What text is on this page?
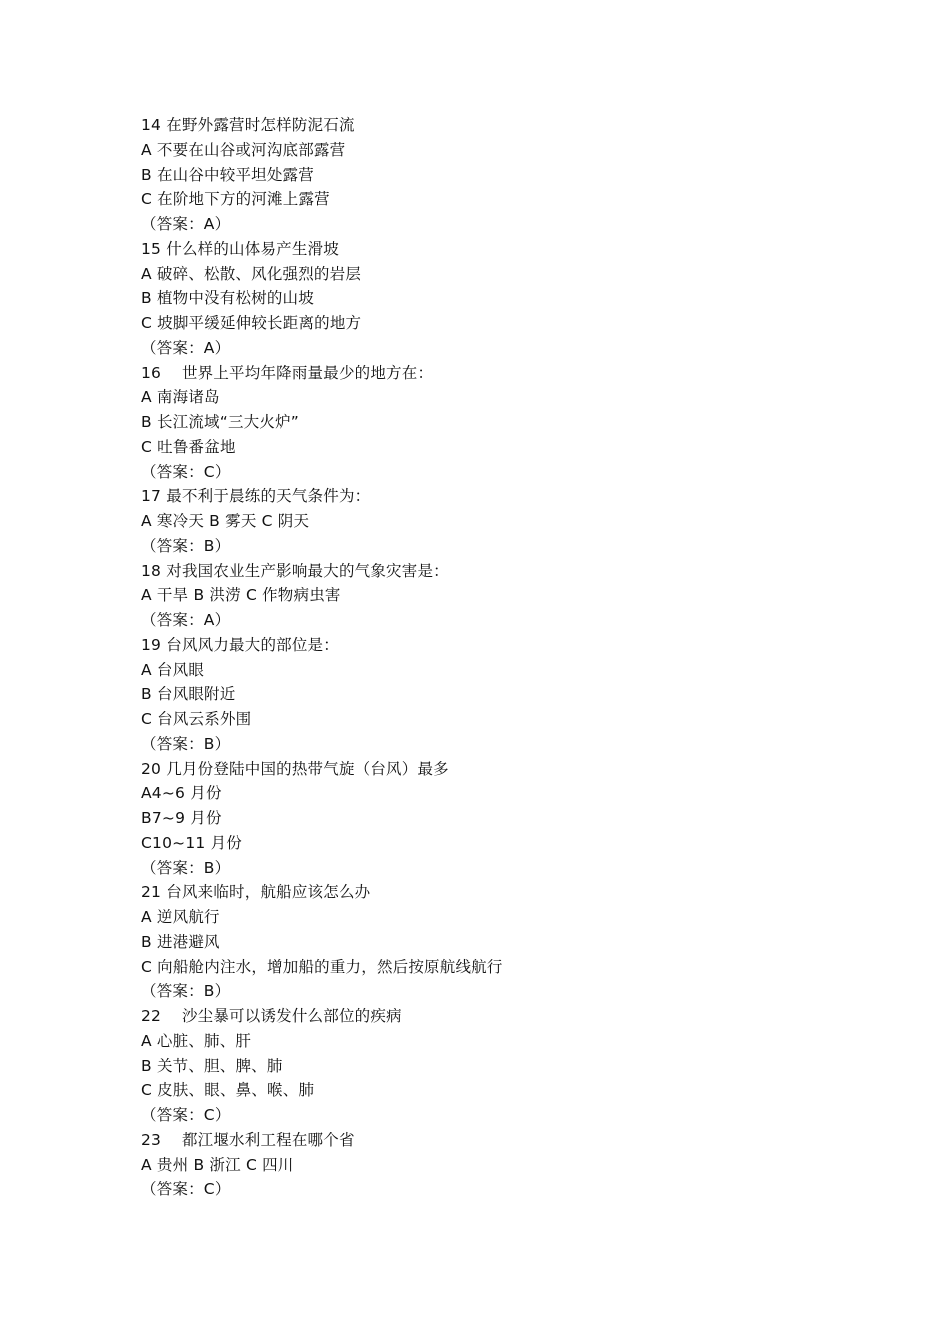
14 在野外露营时怎样防泥石流
A 不要在山谷或河沟底部露营
B 在山谷中较平坦处露营
C 在阶地下方的河滩上露营
（答案：A）
15 什么样的山体易产生滑坡
A 破碎、松散、风化强烈的岩层
B 植物中没有松树的山坡
C 坡脚平缓延伸较长距离的地方
（答案：A）
16　 世界上平均年降雨量最少的地方在：
A 南海诸岛
B 长江流域“三大火炉”
C 吐鲁番盆地
（答案：C）
17 最不利于晨练的天气条件为：
A 寒冷天 B 雾天 C 阴天
（答案：B）
18 对我国农业生产影响最大的气象灾害是：
A 干旱 B 洪涝 C 作物病虫害
（答案：A）
19 台风风力最大的部位是：
A 台风眼
B 台风眼附近
C 台风云系外围
（答案：B）
20 几月份登陆中国的热带气旋（台风）最多
A4~6 月份
B7~9 月份
C10~11 月份
（答案：B）
21 台风来临时，航船应该怎么办
A 逆风航行
B 进港避风
C 向船舱内注水，增加船的重力，然后按原航线航行
（答案：B）
22　 沙尘暴可以诱发什么部位的疾病
A 心脏、肺、肝
B 关节、胆、脾、肺
C 皮肤、眼、鼻、喉、肺
（答案：C）
23　 都江堰水利工程在哪个省
A 贵州 B 浙江 C 四川
（答案：C）
